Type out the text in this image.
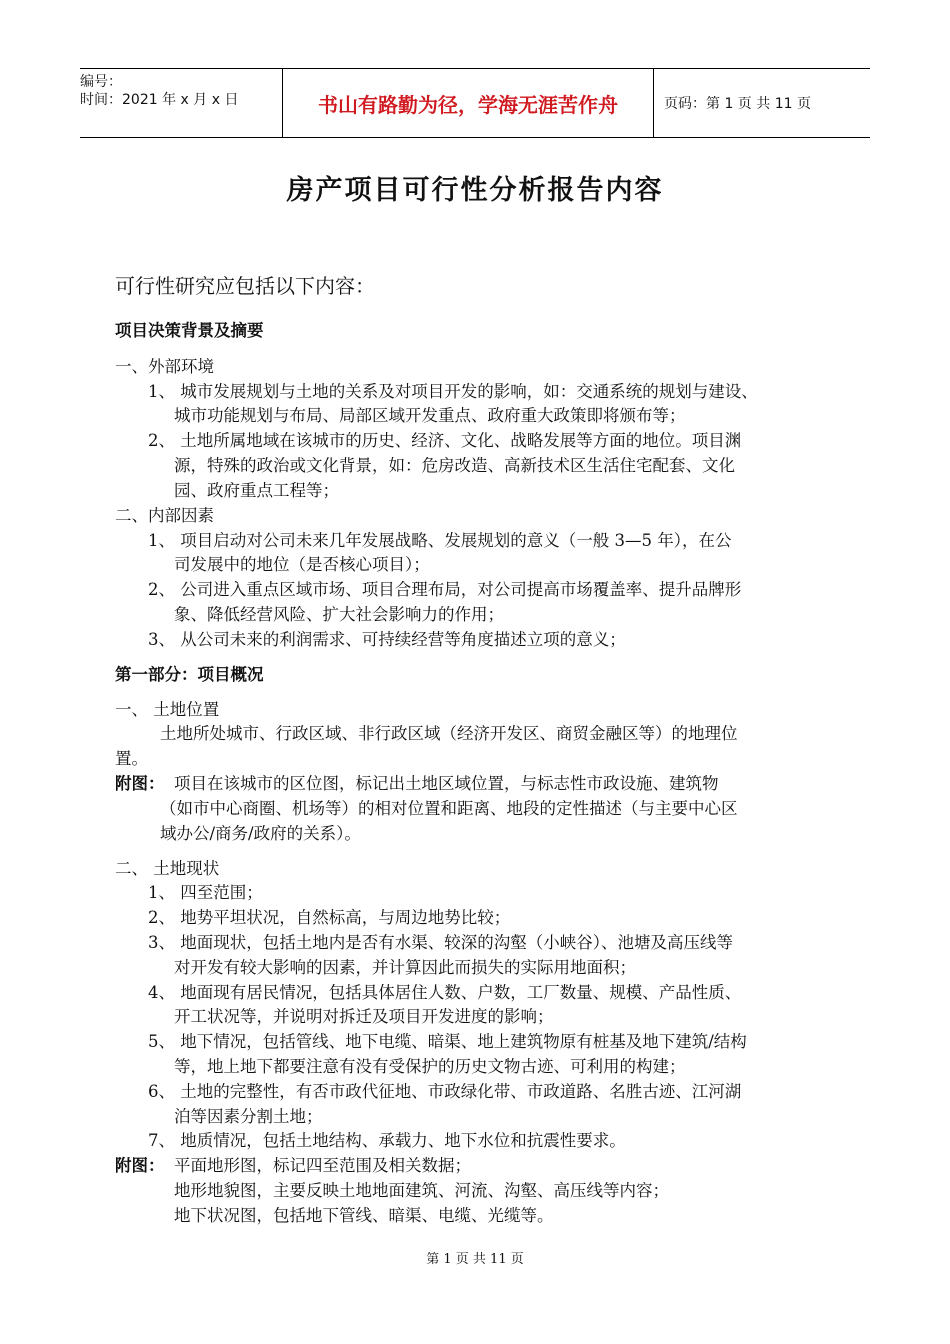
编号：
时间：2021 年 x 月 x 日	书山有路勤为径，学海无涯苦作舟	页码：第 1 页 共 11 页
房产项目可行性分析报告内容
可行性研究应包括以下内容：
项目决策背景及摘要
一、外部环境
1、 城市发展规划与土地的关系及对项目开发的影响，如：交通系统的规划与建设、
城市功能规划与布局、局部区域开发重点、政府重大政策即将颁布等；
2、 土地所属地域在该城市的历史、经济、文化、战略发展等方面的地位。项目渊
源，特殊的政治或文化背景，如：危房改造、高新技术区生活住宅配套、文化
园、政府重点工程等；
二、内部因素
1、 项目启动对公司未来几年发展战略、发展规划的意义（一般 3—5 年），在公
司发展中的地位（是否核心项目）；
2、 公司进入重点区域市场、项目合理布局，对公司提高市场覆盖率、提升品牌形
象、降低经营风险、扩大社会影响力的作用；
3、 从公司未来的利润需求、可持续经营等角度描述立项的意义；
第一部分：项目概况
一、 土地位置
土地所处城市、行政区域、非行政区域（经济开发区、商贸金融区等）的地理位
置。
附图： 项目在该城市的区位图，标记出土地区域位置，与标志性市政设施、建筑物
（如市中心商圈、机场等）的相对位置和距离、地段的定性描述（与主要中心区
域办公/商务/政府的关系）。
二、 土地现状
1、 四至范围；
2、 地势平坦状况，自然标高，与周边地势比较；
3、 地面现状，包括土地内是否有水渠、较深的沟壑（小峡谷）、池塘及高压线等
对开发有较大影响的因素，并计算因此而损失的实际用地面积；
4、 地面现有居民情况，包括具体居住人数、户数，工厂数量、规模、产品性质、
开工状况等，并说明对拆迁及项目开发进度的影响；
5、 地下情况，包括管线、地下电缆、暗渠、地上建筑物原有桩基及地下建筑/结构
等，地上地下都要注意有没有受保护的历史文物古迹、可利用的构建；
6、 土地的完整性，有否市政代征地、市政绿化带、市政道路、名胜古迹、江河湖
泊等因素分割土地；
7、 地质情况，包括土地结构、承载力、地下水位和抗震性要求。
附图： 平面地形图，标记四至范围及相关数据；
地形地貌图，主要反映土地地面建筑、河流、沟壑、高压线等内容；
地下状况图，包括地下管线、暗渠、电缆、光缆等。
第 1 页 共 11 页
